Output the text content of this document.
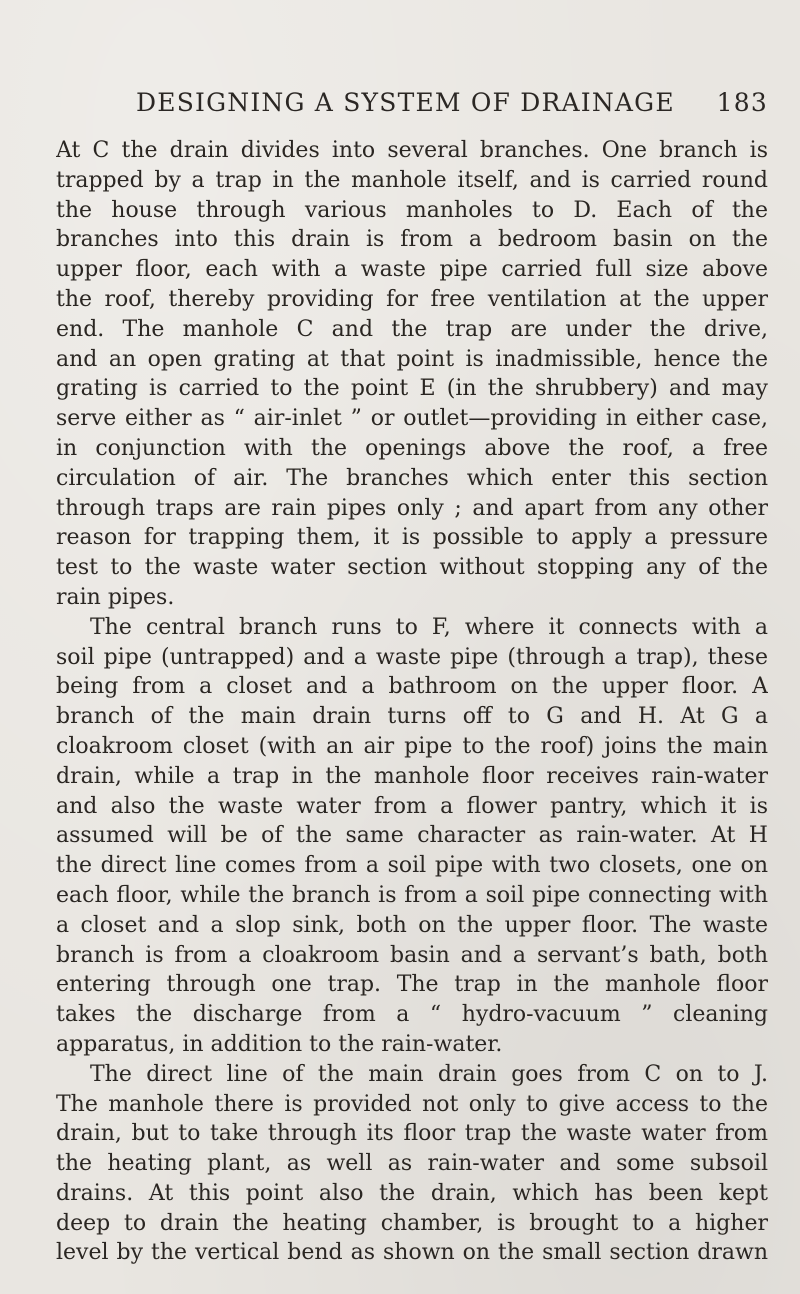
DESIGNING A SYSTEM OF DRAINAGE 183
At C the drain divides into several branches. One branch is
trapped by a trap in the manhole itself, and is carried round
the house through various manholes to D. Each of the
branches into this drain is from a bedroom basin on the
upper floor, each with a waste pipe carried full size above
the roof, thereby providing for free ventilation at the upper
end. The manhole C and the trap are under the drive,
and an open grating at that point is inadmissible, hence the
grating is carried to the point E (in the shrubbery) and may
serve either as “ air-inlet ” or outlet—providing in either case,
in conjunction with the openings above the roof, a free
circulation of air. The branches which enter this section
through traps are rain pipes only ; and apart from any other
reason for trapping them, it is possible to apply a pressure
test to the waste water section without stopping any of the
rain pipes.
The central branch runs to F, where it connects with a
soil pipe (untrapped) and a waste pipe (through a trap), these
being from a closet and a bathroom on the upper floor. A
branch of the main drain turns off to G and H. At G a
cloakroom closet (with an air pipe to the roof) joins the main
drain, while a trap in the manhole floor receives rain-water
and also the waste water from a flower pantry, which it is
assumed will be of the same character as rain-water. At H
the direct line comes from a soil pipe with two closets, one on
each floor, while the branch is from a soil pipe connecting with
a closet and a slop sink, both on the upper floor. The waste
branch is from a cloakroom basin and a servant’s bath, both
entering through one trap. The trap in the manhole floor
takes the discharge from a “ hydro-vacuum ” cleaning
apparatus, in addition to the rain-water.
The direct line of the main drain goes from C on to J.
The manhole there is provided not only to give access to the
drain, but to take through its floor trap the waste water from
the heating plant, as well as rain-water and some subsoil
drains. At this point also the drain, which has been kept
deep to drain the heating chamber, is brought to a higher
level by the vertical bend as shown on the small section drawn
